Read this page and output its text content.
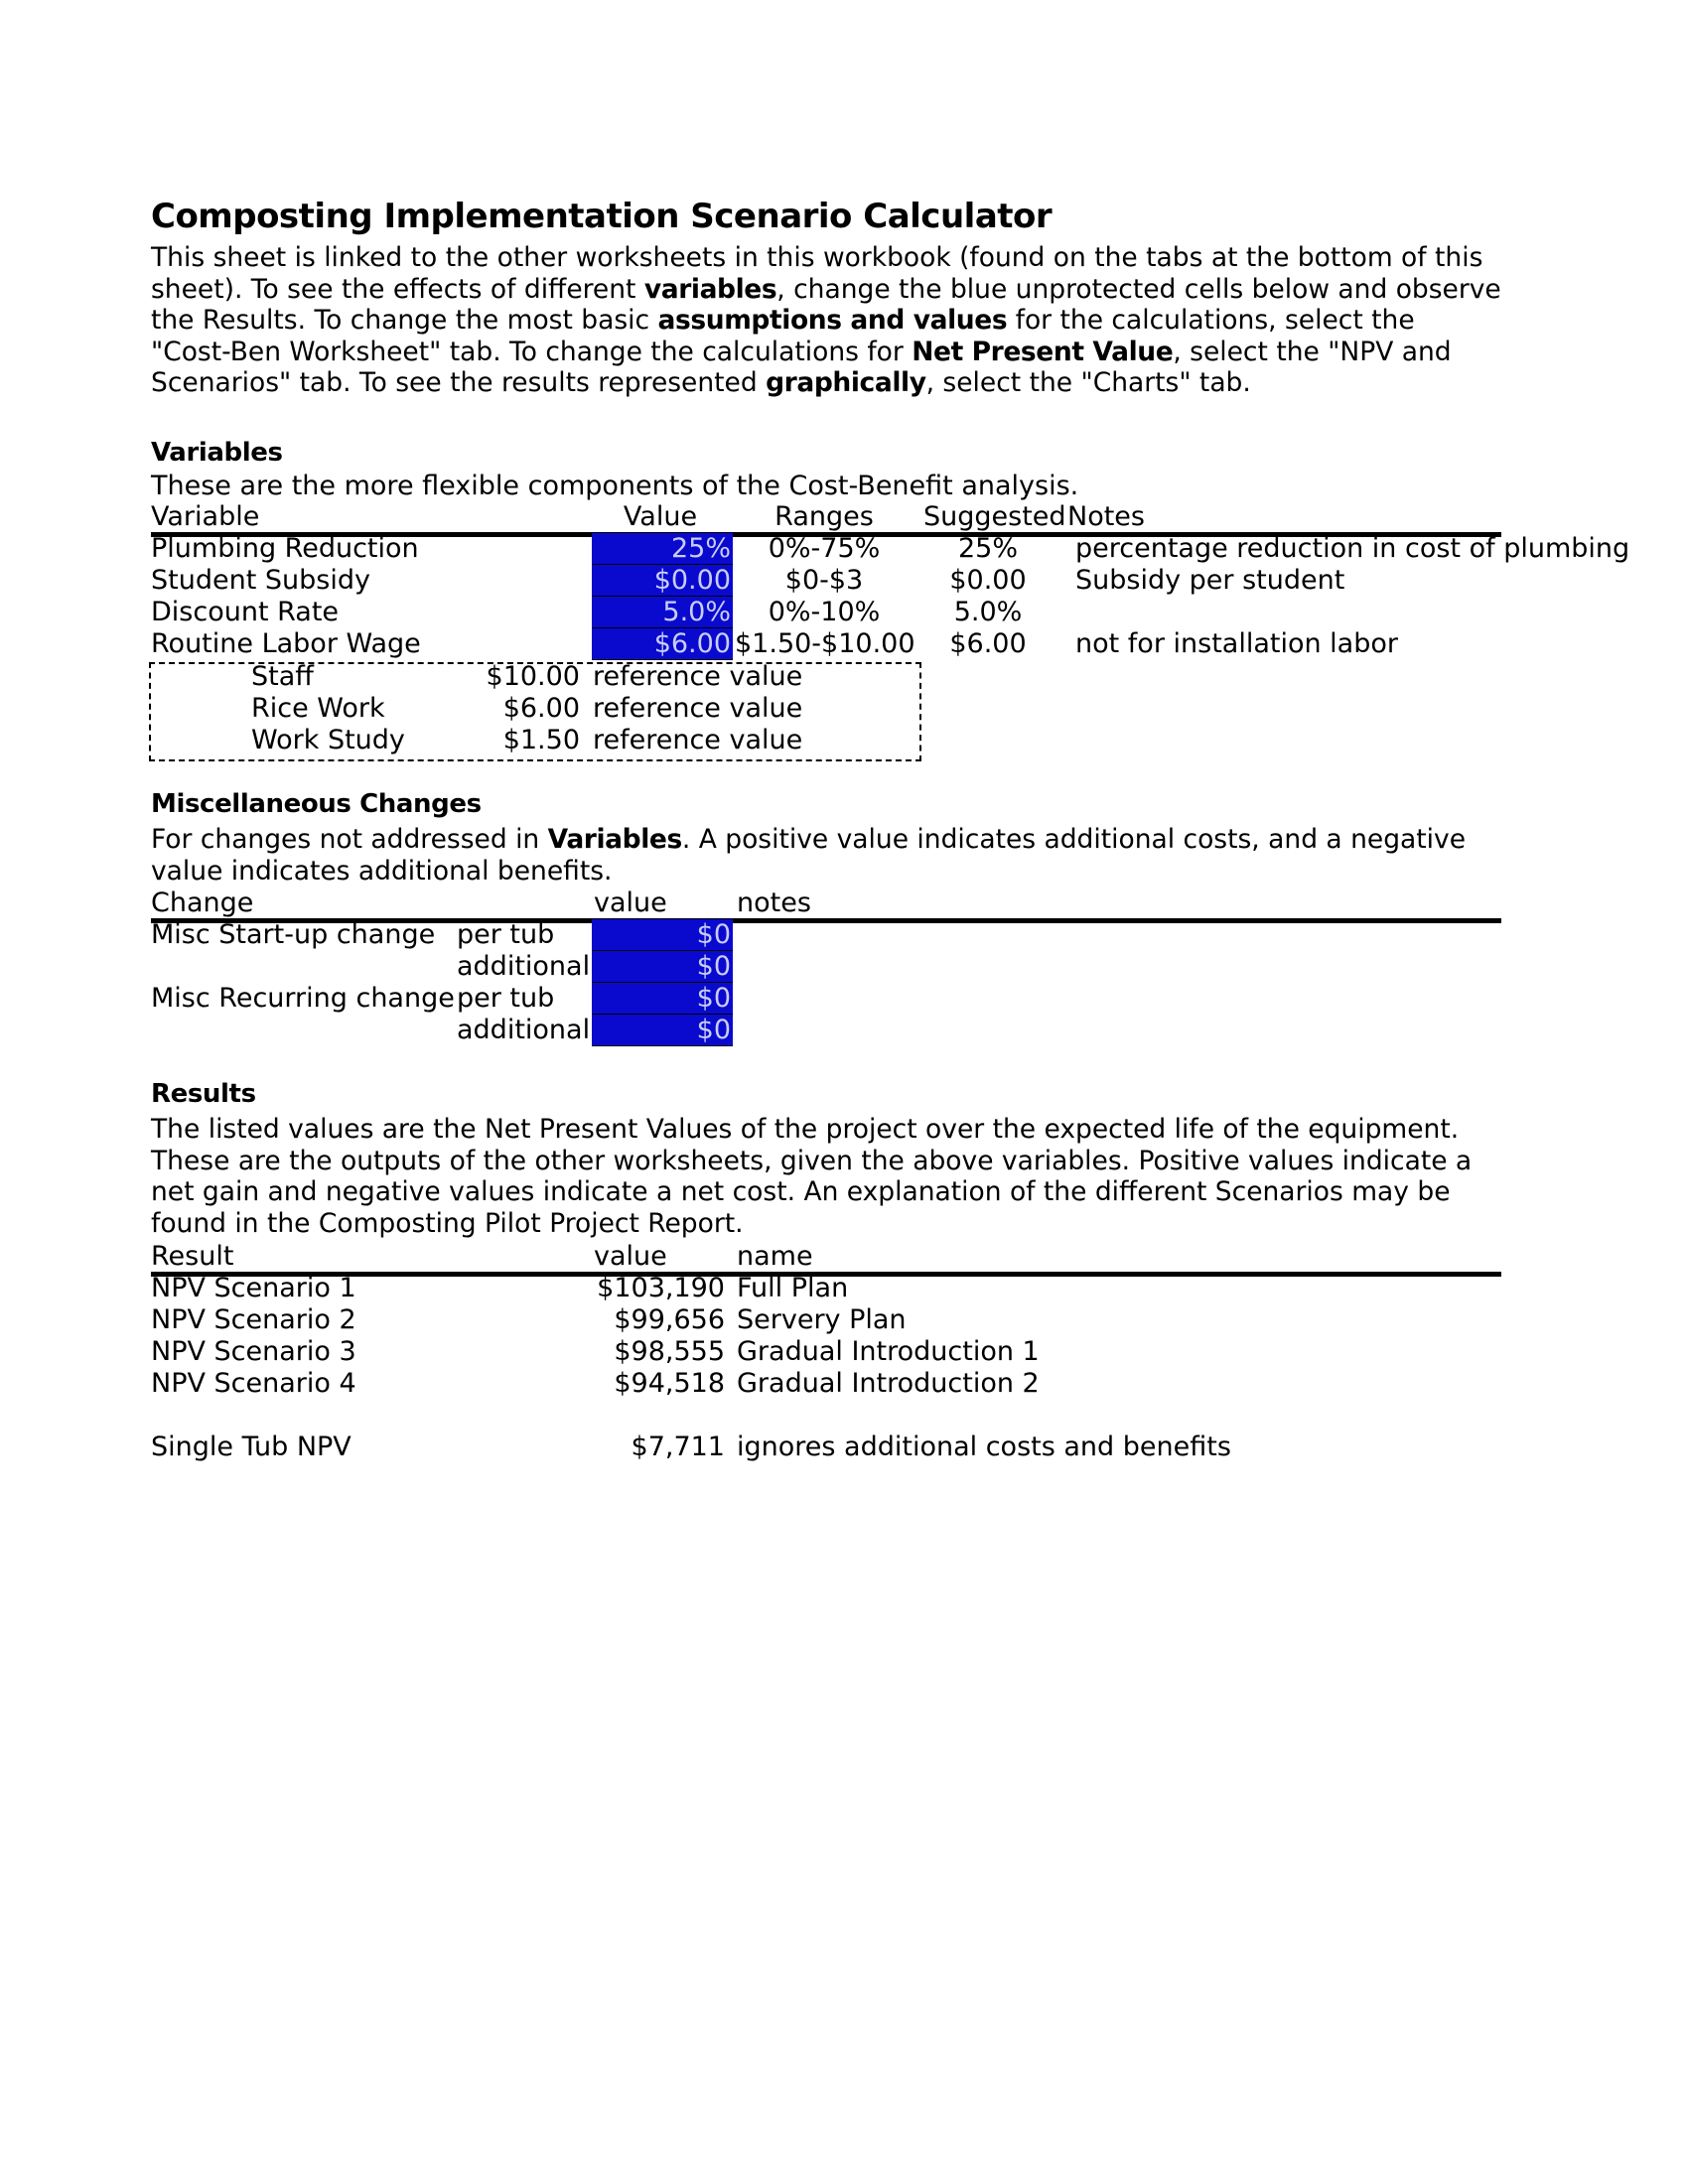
Composting Implementation Scenario Calculator
This sheet is linked to the other worksheets in this workbook (found on the tabs at the bottom of this sheet). To see the effects of different variables, change the blue unprotected cells below and observe the Results. To change the most basic assumptions and values for the calculations, select the "Cost-Ben Worksheet" tab. To change the calculations for Net Present Value, select the "NPV and Scenarios" tab. To see the results represented graphically, select the "Charts" tab.
Variables
These are the more flexible components of the Cost-Benefit analysis.
Variable	Value	Ranges	Suggested Notes
Plumbing Reduction	25%	0%-75%	25%	percentage reduction in cost of plumbing
Student Subsidy	$0.00	$0-$3	$0.00	Subsidy per student
Discount Rate	5.0%	0%-10%	5.0%
Routine Labor Wage	$6.00 $1.50-$10.00	$6.00	not for installation labor
Staff	$10.00 reference value
Rice Work	$6.00 reference value
Work Study	$1.50 reference value
Miscellaneous Changes
For changes not addressed in Variables. A positive value indicates additional costs, and a negative value indicates additional benefits.
Change	value	notes
Misc Start-up change per tub	$0
additional	$0
Misc Recurring change per tub	$0
additional	$0
Results
The listed values are the Net Present Values of the project over the expected life of the equipment. These are the outputs of the other worksheets, given the above variables. Positive values indicate a net gain and negative values indicate a net cost. An explanation of the different Scenarios may be found in the Composting Pilot Project Report.
Result	value	name
NPV Scenario 1	$103,190 Full Plan
NPV Scenario 2	$99,656 Servery Plan
NPV Scenario 3	$98,555 Gradual Introduction 1
NPV Scenario 4	$94,518 Gradual Introduction 2
Single Tub NPV	$7,711 ignores additional costs and benefits
